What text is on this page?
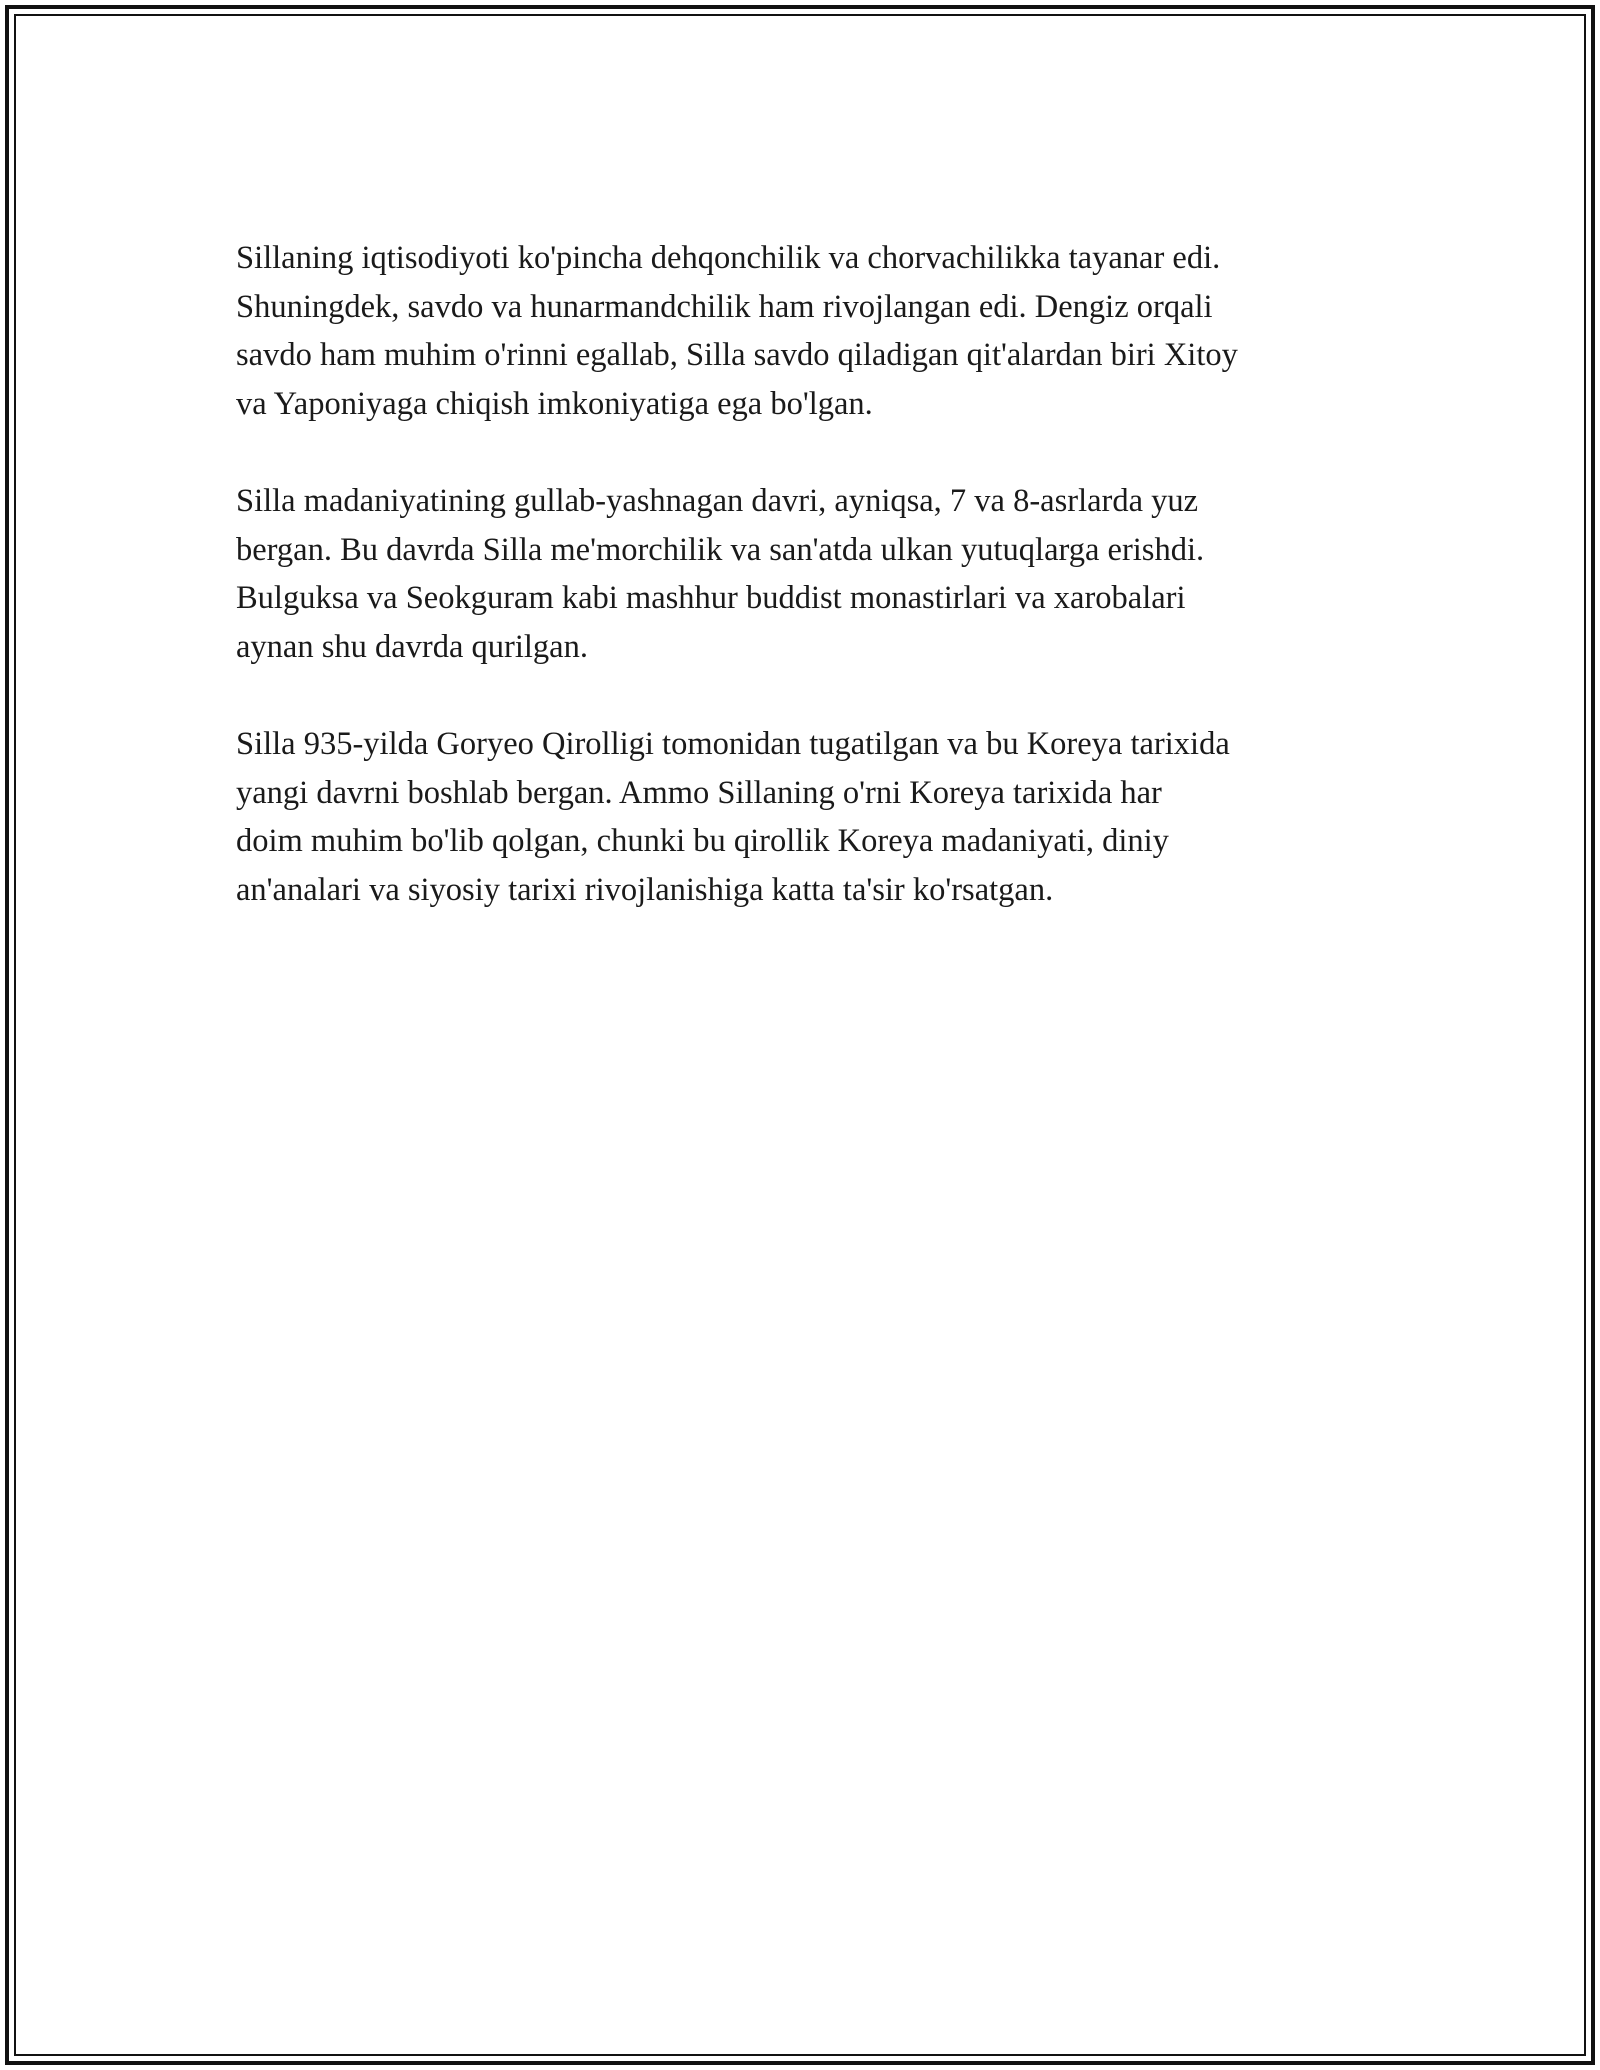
Sillaning iqtisodiyoti ko'pincha dehqonchilik va chorvachilikka tayanar edi.
Shuningdek, savdo va hunarmandchilik ham rivojlangan edi. Dengiz orqali
savdo ham muhim o'rinni egallab, Silla savdo qiladigan qit'alardan biri Xitoy
va Yaponiyaga chiqish imkoniyatiga ega bo'lgan.

Silla madaniyatining gullab-yashnagan davri, ayniqsa, 7 va 8-asrlarda yuz
bergan. Bu davrda Silla me'morchilik va san'atda ulkan yutuqlarga erishdi.
Bulguksa va Seokguram kabi mashhur buddist monastirlari va xarobalari
aynan shu davrda qurilgan.

Silla 935-yilda Goryeo Qirolligi tomonidan tugatilgan va bu Koreya tarixida
yangi davrni boshlab bergan. Ammo Sillaning o'rni Koreya tarixida har
doim muhim bo'lib qolgan, chunki bu qirollik Koreya madaniyati, diniy
an'analari va siyosiy tarixi rivojlanishiga katta ta'sir ko'rsatgan.
